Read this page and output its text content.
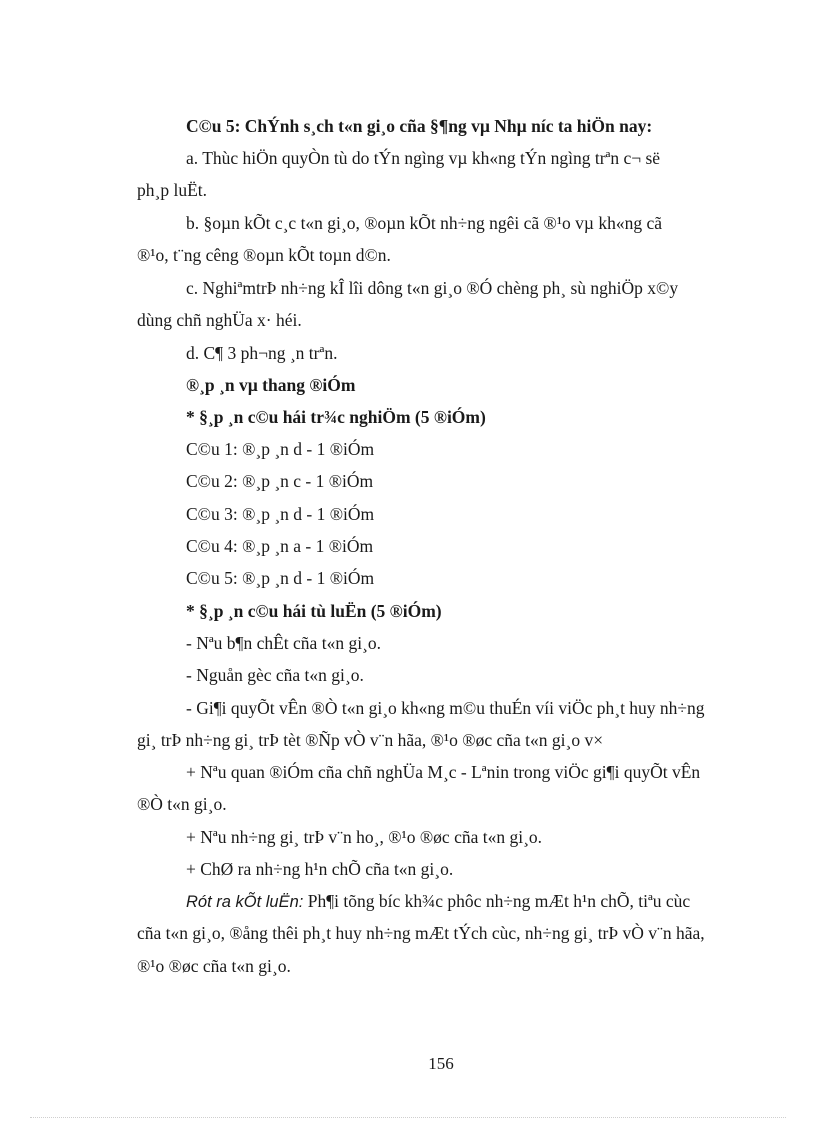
C©u 5: ChÝnh s¸ch t«n gi¸o cña §¶ng vµ Nhµ níc ta hiÖn nay:
a. Thùc hiÖn quyÒn tù do tÝn ngìng vµ kh«ng tÝn ngìng trªn c¬ së
ph¸p luËt.
b. §oµn kÕt c¸c t«n gi¸o, ®oµn kÕt nh÷ng ngêi cã ®¹o vµ kh«ng cã
®¹o, t¨ng cêng ®oµn kÕt toµn d©n.
c. NghiªmtrÞ nh÷ng kÎ lîi dông t«n gi¸o ®Ó chèng ph¸ sù nghiÖp x©y
dùng chñ nghÜa x· héi.
d. C¶ 3 ph¬ng ¸n trªn.
®¸p ¸n vµ thang ®iÓm
* §¸p ¸n c©u hái tr¾c nghiÖm (5 ®iÓm)
C©u 1: ®¸p ¸n d - 1 ®iÓm
C©u 2: ®¸p ¸n c - 1 ®iÓm
C©u 3: ®¸p ¸n d - 1 ®iÓm
C©u 4: ®¸p ¸n a - 1 ®iÓm
C©u 5: ®¸p ¸n d - 1 ®iÓm
* §¸p ¸n c©u hái tù luËn (5 ®iÓm)
- Nªu b¶n chÊt cña t«n gi¸o.
- Nguån gèc cña t«n gi¸o.
- Gi¶i quyÕt vÊn ®Ò t«n gi¸o kh«ng m©u thuÉn víi viÖc ph¸t huy nh÷ng
gi¸ trÞ nh÷ng gi¸ trÞ tèt ®Ñp vÒ v¨n hãa, ®¹o ®øc cña t«n gi¸o v×
+ Nªu quan ®iÓm cña chñ nghÜa M¸c - Lªnin trong viÖc gi¶i quyÕt vÊn
®Ò t«n gi¸o.
+ Nªu nh÷ng gi¸ trÞ v¨n ho¸, ®¹o ®øc cña t«n gi¸o.
+ ChØ ra nh÷ng h¹n chÕ cña t«n gi¸o.
Rót ra kÕt luËn: Ph¶i tõng bíc kh¾c phôc nh÷ng mÆt h¹n chÕ, tiªu cùc
cña t«n gi¸o, ®ång thêi ph¸t huy nh÷ng mÆt tÝch cùc, nh÷ng gi¸ trÞ vÒ v¨n hãa,
®¹o ®øc cña t«n gi¸o.
156
